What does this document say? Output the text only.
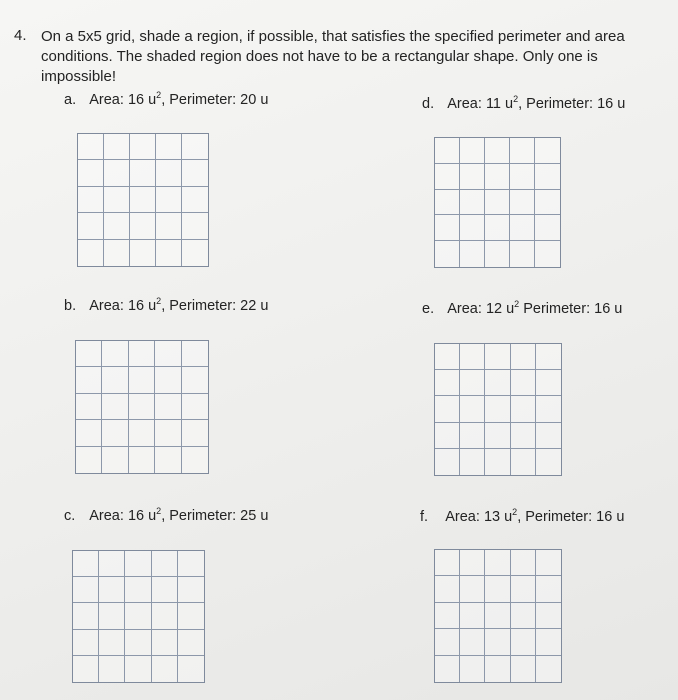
4. On a 5x5 grid, shade a region, if possible, that satisfies the specified perimeter and area conditions. The shaded region does not have to be a rectangular shape. Only one is impossible!
a. Area: 16 $u^2$, Perimeter: 20 u	d. Area: 11 $u^2$, Perimeter: 16 u
b. Area: 16 $u^2$, Perimeter: 22 u	e. Area: 12 $u^2$ Perimeter: 16 u
c. Area: 16 $u^2$, Perimeter: 25 u	f. Area: 13 $u^2$, Perimeter: 16 u
